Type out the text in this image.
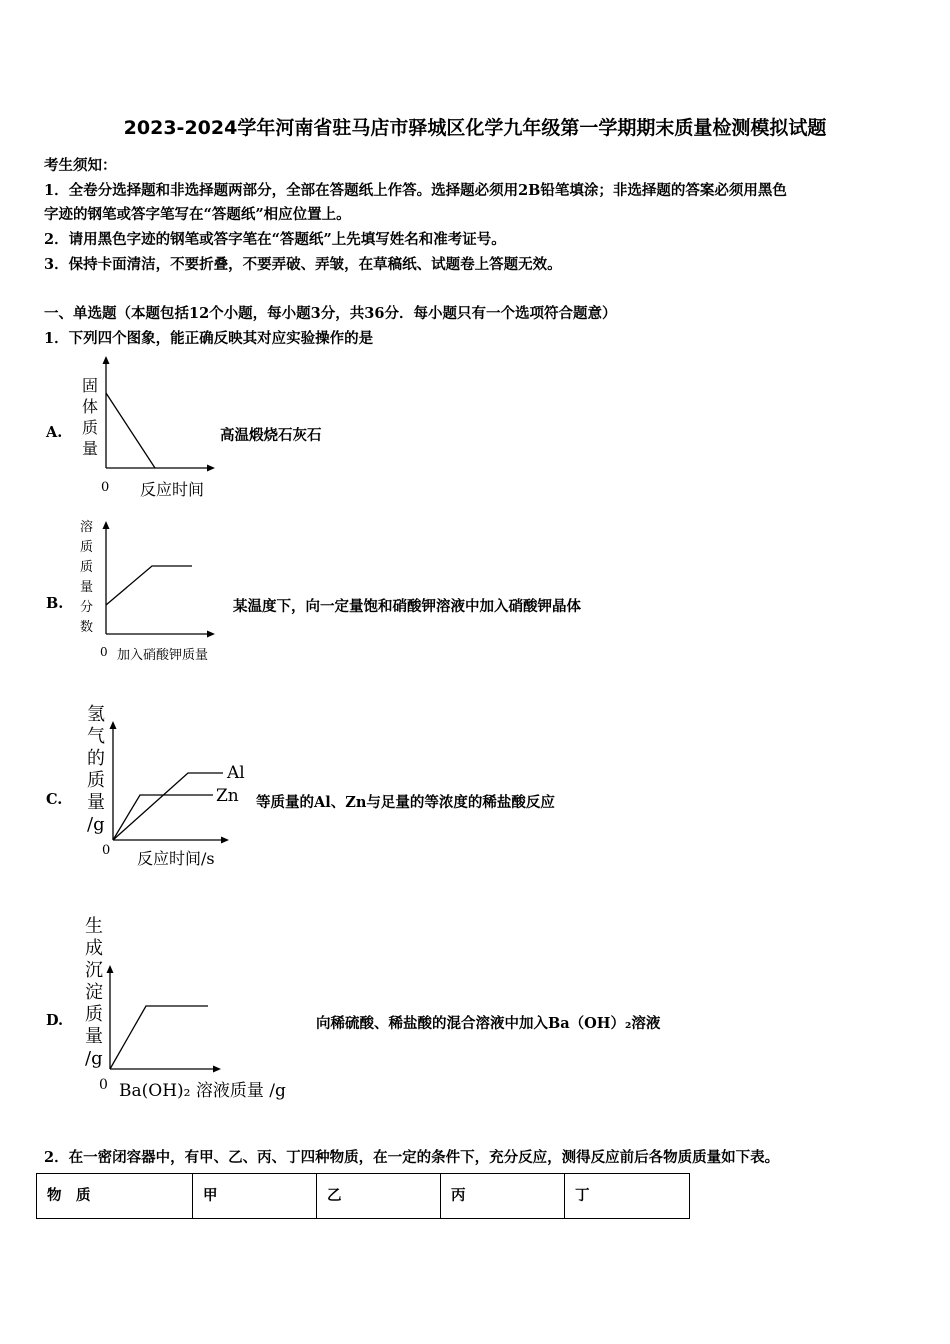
2023-2024学年河南省驻马店市驿城区化学九年级第一学期期末质量检测模拟试题
考生须知：
1．全卷分选择题和非选择题两部分，全部在答题纸上作答。选择题必须用2B铅笔填涂；非选择题的答案必须用黑色
字迹的钢笔或答字笔写在“答题纸”相应位置上。
2．请用黑色字迹的钢笔或答字笔在“答题纸”上先填写姓名和准考证号。
3．保持卡面清洁，不要折叠，不要弄破、弄皱，在草稿纸、试题卷上答题无效。
一、单选题（本题包括12个小题，每小题3分，共36分．每小题只有一个选项符合题意）
1．下列四个图象，能正确反映其对应实验操作的是
A.
固
体
质
量
0 反应时间
高温煅烧石灰石
B.
溶
质
质
量
分
数
0 加入硝酸钾质量
某温度下，向一定量饱和硝酸钾溶液中加入硝酸钾晶体
C.
Al
Zn
氢
气
的
质
量
/g
0 反应时间/s
等质量的Al、Zn与足量的等浓度的稀盐酸反应
D.
生
成
沉
淀
质
量
/g
0 Ba(OH)₂ 溶液质量 /g
向稀硫酸、稀盐酸的混合溶液中加入Ba（OH）₂溶液
2．在一密闭容器中，有甲、乙、丙、丁四种物质，在一定的条件下，充分反应，测得反应前后各物质质量如下表。
物　质	甲	乙	丙	丁
